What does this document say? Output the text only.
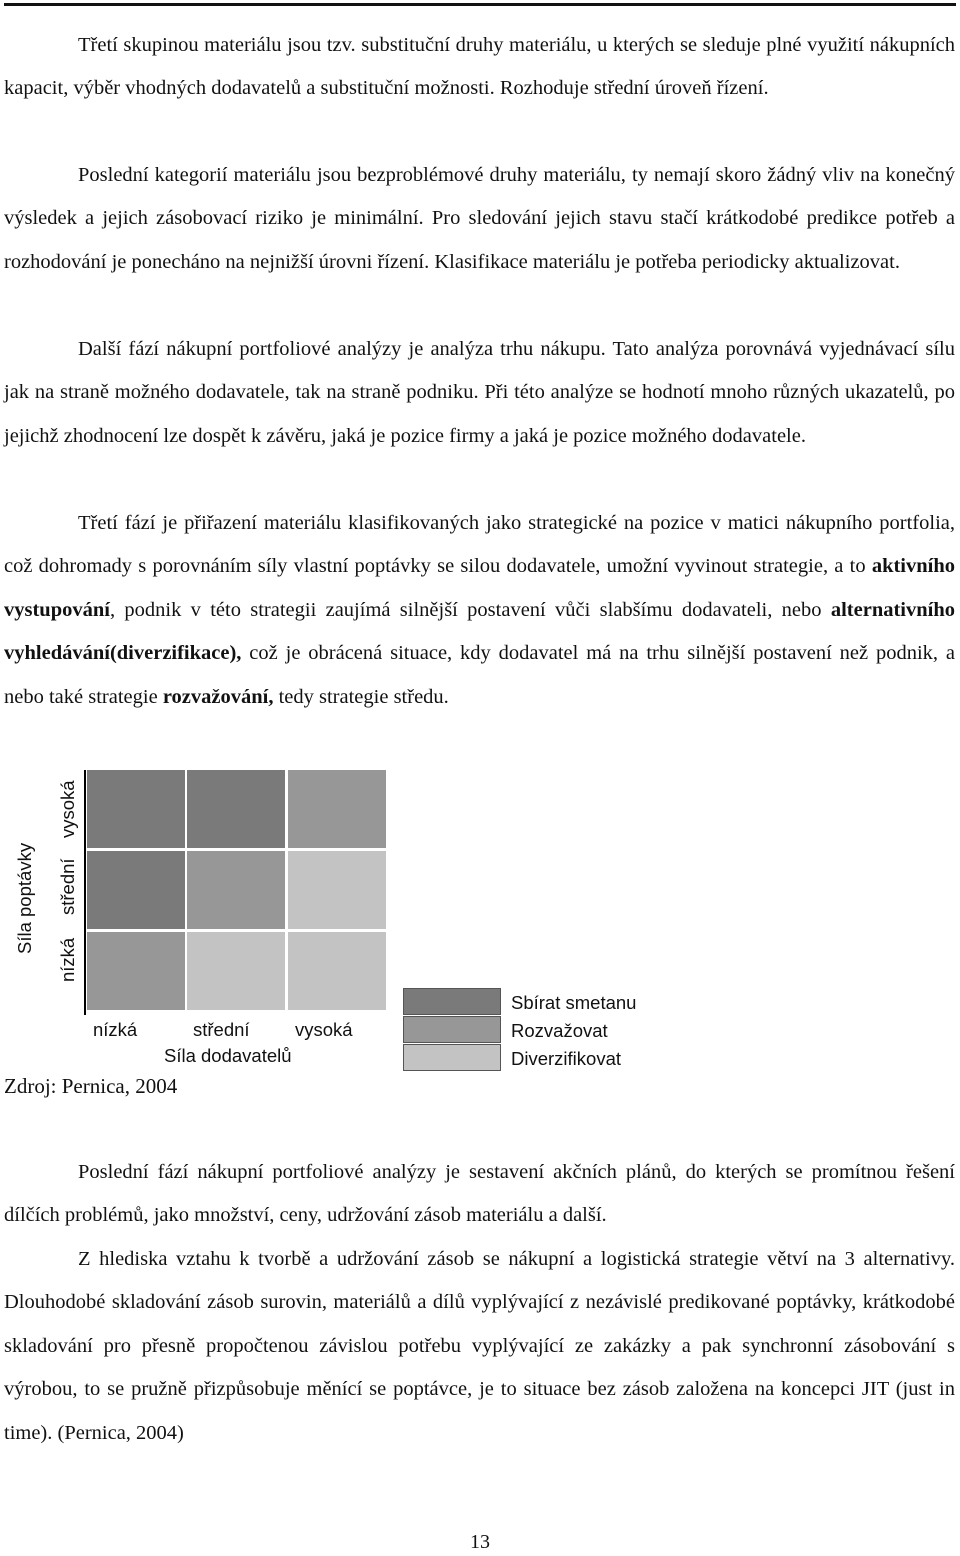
Třetí skupinou materiálu jsou tzv. substituční druhy materiálu, u kterých se sleduje plné využití nákupních kapacit, výběr vhodných dodavatelů a substituční možnosti. Rozhoduje střední úroveň řízení.

Poslední kategorií materiálu jsou bezproblémové druhy materiálu, ty nemají skoro žádný vliv na konečný výsledek a jejich zásobovací riziko je minimální. Pro sledování jejich stavu stačí krátkodobé predikce potřeb a rozhodování je ponecháno na nejnižší úrovni řízení. Klasifikace materiálu je potřeba periodicky aktualizovat.

Další fází nákupní portfoliové analýzy je analýza trhu nákupu. Tato analýza porovnává vyjednávací sílu jak na straně možného dodavatele, tak na straně podniku. Při této analýze se hodnotí mnoho různých ukazatelů, po jejichž zhodnocení lze dospět k závěru, jaká je pozice firmy a jaká je pozice možného dodavatele.

Třetí fází je přiřazení materiálu klasifikovaných jako strategické na pozice v matici nákupního portfolia, což dohromady s porovnáním síly vlastní poptávky se silou dodavatele, umožní vyvinout strategie, a to aktivního vystupování, podnik v této strategii zaujímá silnější postavení vůči slabšímu dodavateli, nebo alternativního vyhledávání(diverzifikace), což je obrácená situace, kdy dodavatel má na trhu silnější postavení než podnik, a nebo také strategie rozvažování, tedy strategie středu.

Síla poptávky
nízká
střední
vysoká
nízká	střední vysoká
Síla dodavatelů
Sbírat smetanu
Rozvažovat
Diverzifikovat
Zdroj: Pernica, 2004

Poslední fází nákupní portfoliové analýzy je sestavení akčních plánů, do kterých se promítnou řešení dílčích problémů, jako množství, ceny, udržování zásob materiálu a další.

Z hlediska vztahu k tvorbě a udržování zásob se nákupní a logistická strategie větví na 3 alternativy. Dlouhodobé skladování zásob surovin, materiálů a dílů vyplývající z nezávislé predikované poptávky, krátkodobé skladování pro přesně propočtenou závislou potřebu vyplývající ze zakázky a pak synchronní zásobování s výrobou, to se pružně přizpůsobuje měnící se poptávce, je to situace bez zásob založena na koncepci JIT (just in time). (Pernica, 2004)

13
